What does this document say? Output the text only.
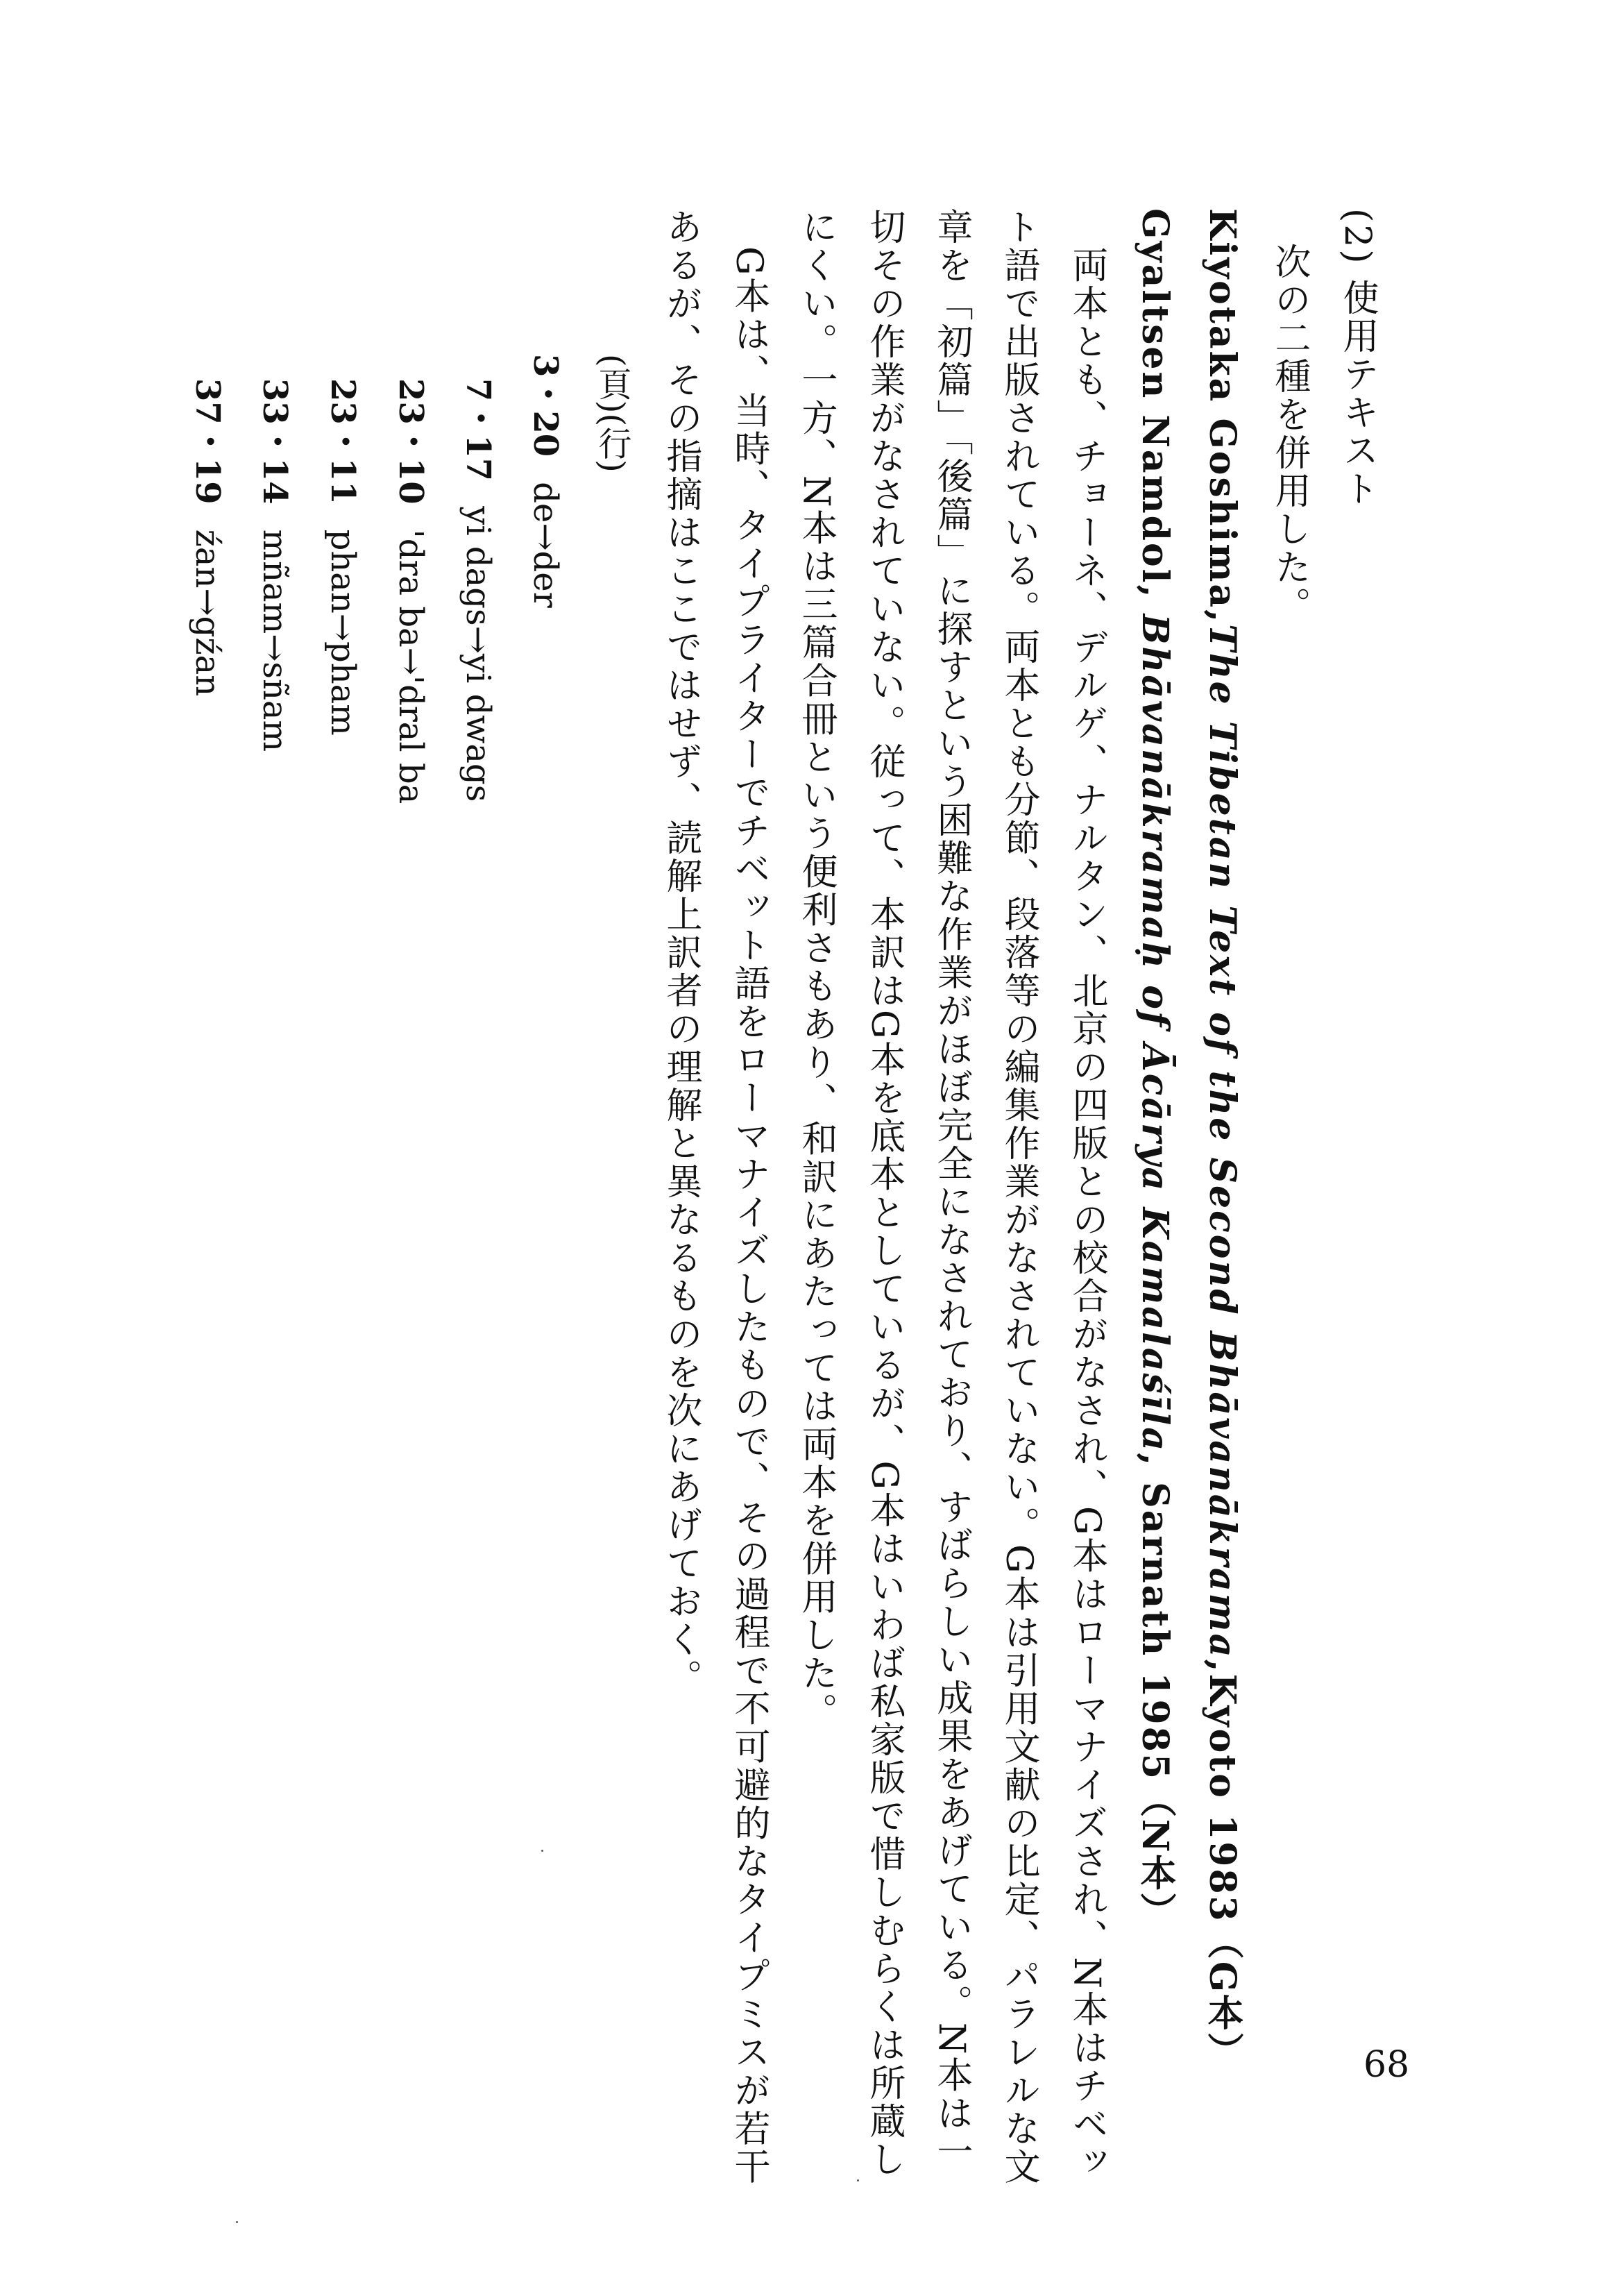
(2) 使用テキスト
次の二種を併用した。
Kiyotaka Goshima,The Tibetan Text of the Second Bhāvanākrama,Kyoto 1983（G本）
Gyaltsen Namdol, Bhāvanākramaḥ of Ācārya Kamalaśīla, Sarnath 1985（N本）
　両本とも、チョーネ、デルゲ、ナルタン、北京の四版との校合がなされ、G本はローマナイズされ、N本はチベッ
ト語で出版されている。両本とも分節、段落等の編集作業がなされていない。G本は引用文献の比定、パラレルな文
章を「初篇」「後篇」に探すという困難な作業がほぼ完全になされており、すばらしい成果をあげている。N本は一
切その作業がなされていない。従って、本訳はG本を底本としているが、G本はいわば私家版で惜しむらくは所蔵し
にくい。一方、N本は三篇合冊という便利さもあり、和訳にあたっては両本を併用した。
　G本は、当時、タイプライターでチベット語をローマナイズしたもので、その過程で不可避的なタイプミスが若干
あるが、その指摘はここではせず、読解上訳者の理解と異なるものを次にあげておく。
(頁)(行)
3・20de→der
7・17yi dags→yi dwags
23・10'dra ba→'dral ba
23・11phan→pham
33・14mñam→sñam
37・19źan→gźan
68
